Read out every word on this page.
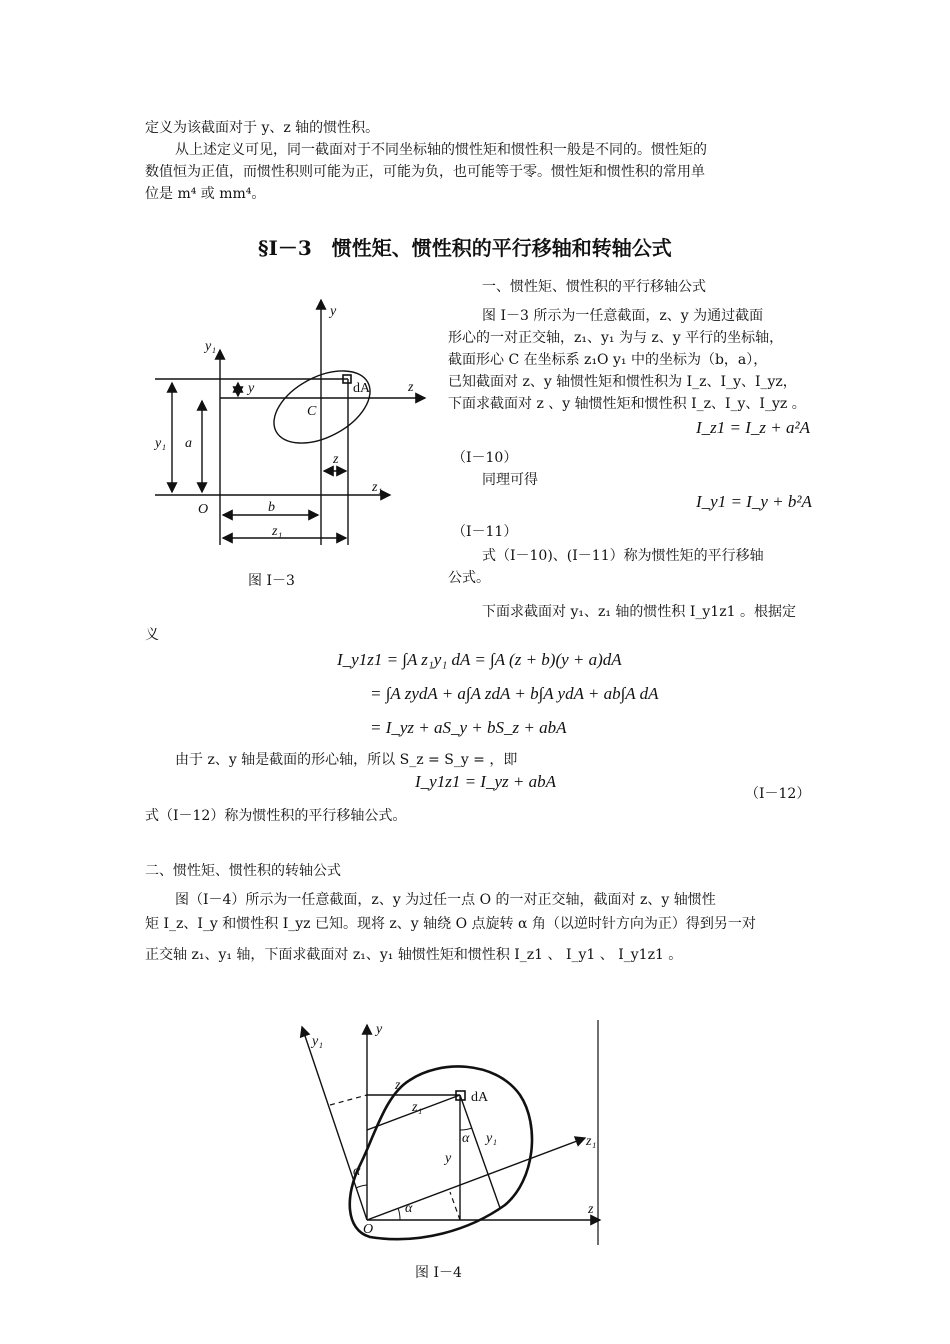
定义为该截面对于 y、z 轴的惯性积。
从上述定义可见，同一截面对于不同坐标轴的惯性矩和惯性积一般是不同的。惯性矩的
数值恒为正值，而惯性积则可能为正，可能为负，也可能等于零。惯性矩和惯性积的常用单
位是 m⁴ 或 mm⁴。
§I－3　惯性矩、惯性积的平行移轴和转轴公式
一、惯性矩、惯性积的平行移轴公式
图 I－3 所示为一任意截面，z、y 为通过截面
形心的一对正交轴，z₁、y₁ 为与 z、y 平行的坐标轴，
截面形心 C 在坐标系 z₁O y₁ 中的坐标为（b，a），
已知截面对 z、y 轴惯性矩和惯性积为 I_z、I_y、I_yz，
下面求截面对 z 、y 轴惯性矩和惯性积 I_z、I_y、I_yz 。
I_z1 = I_z + a²A
（I－10）
同理可得
I_y1 = I_y + b²A
（I－11）
式（I－10)、(I－11）称为惯性矩的平行移轴
公式。
y
y₁
z
z₁
C
dA
O
a
b
y
z
y₁
z₁
图 I－3
下面求截面对 y₁、z₁ 轴的惯性积 I_y1z1 。根据定
义
I_y1z1 = ∫A z₁y₁ dA = ∫A (z + b)(y + a)dA
= ∫A zydA + a∫A zdA + b∫A ydA + ab∫A dA
= I_yz + aS_y + bS_z + abA
由于 z、y 轴是截面的形心轴，所以 S_z = S_y = ，即
I_y1z1 = I_yz + abA
（I－12）
式（I－12）称为惯性积的平行移轴公式。
二、惯性矩、惯性积的转轴公式
图（I－4）所示为一任意截面，z、y 为过任一点 O 的一对正交轴，截面对 z、y 轴惯性
矩 I_z、I_y 和惯性积 I_yz 已知。现将 z、y 轴绕 O 点旋转 α 角（以逆时针方向为正）得到另一对
正交轴 z₁、y₁ 轴，下面求截面对 z₁、y₁ 轴惯性矩和惯性积 I_z1 、 I_y1 、 I_y1z1 。
y
y₁
z
z₁
O
dA
α
α
α
z
z₁
y
y₁
图 I－4
